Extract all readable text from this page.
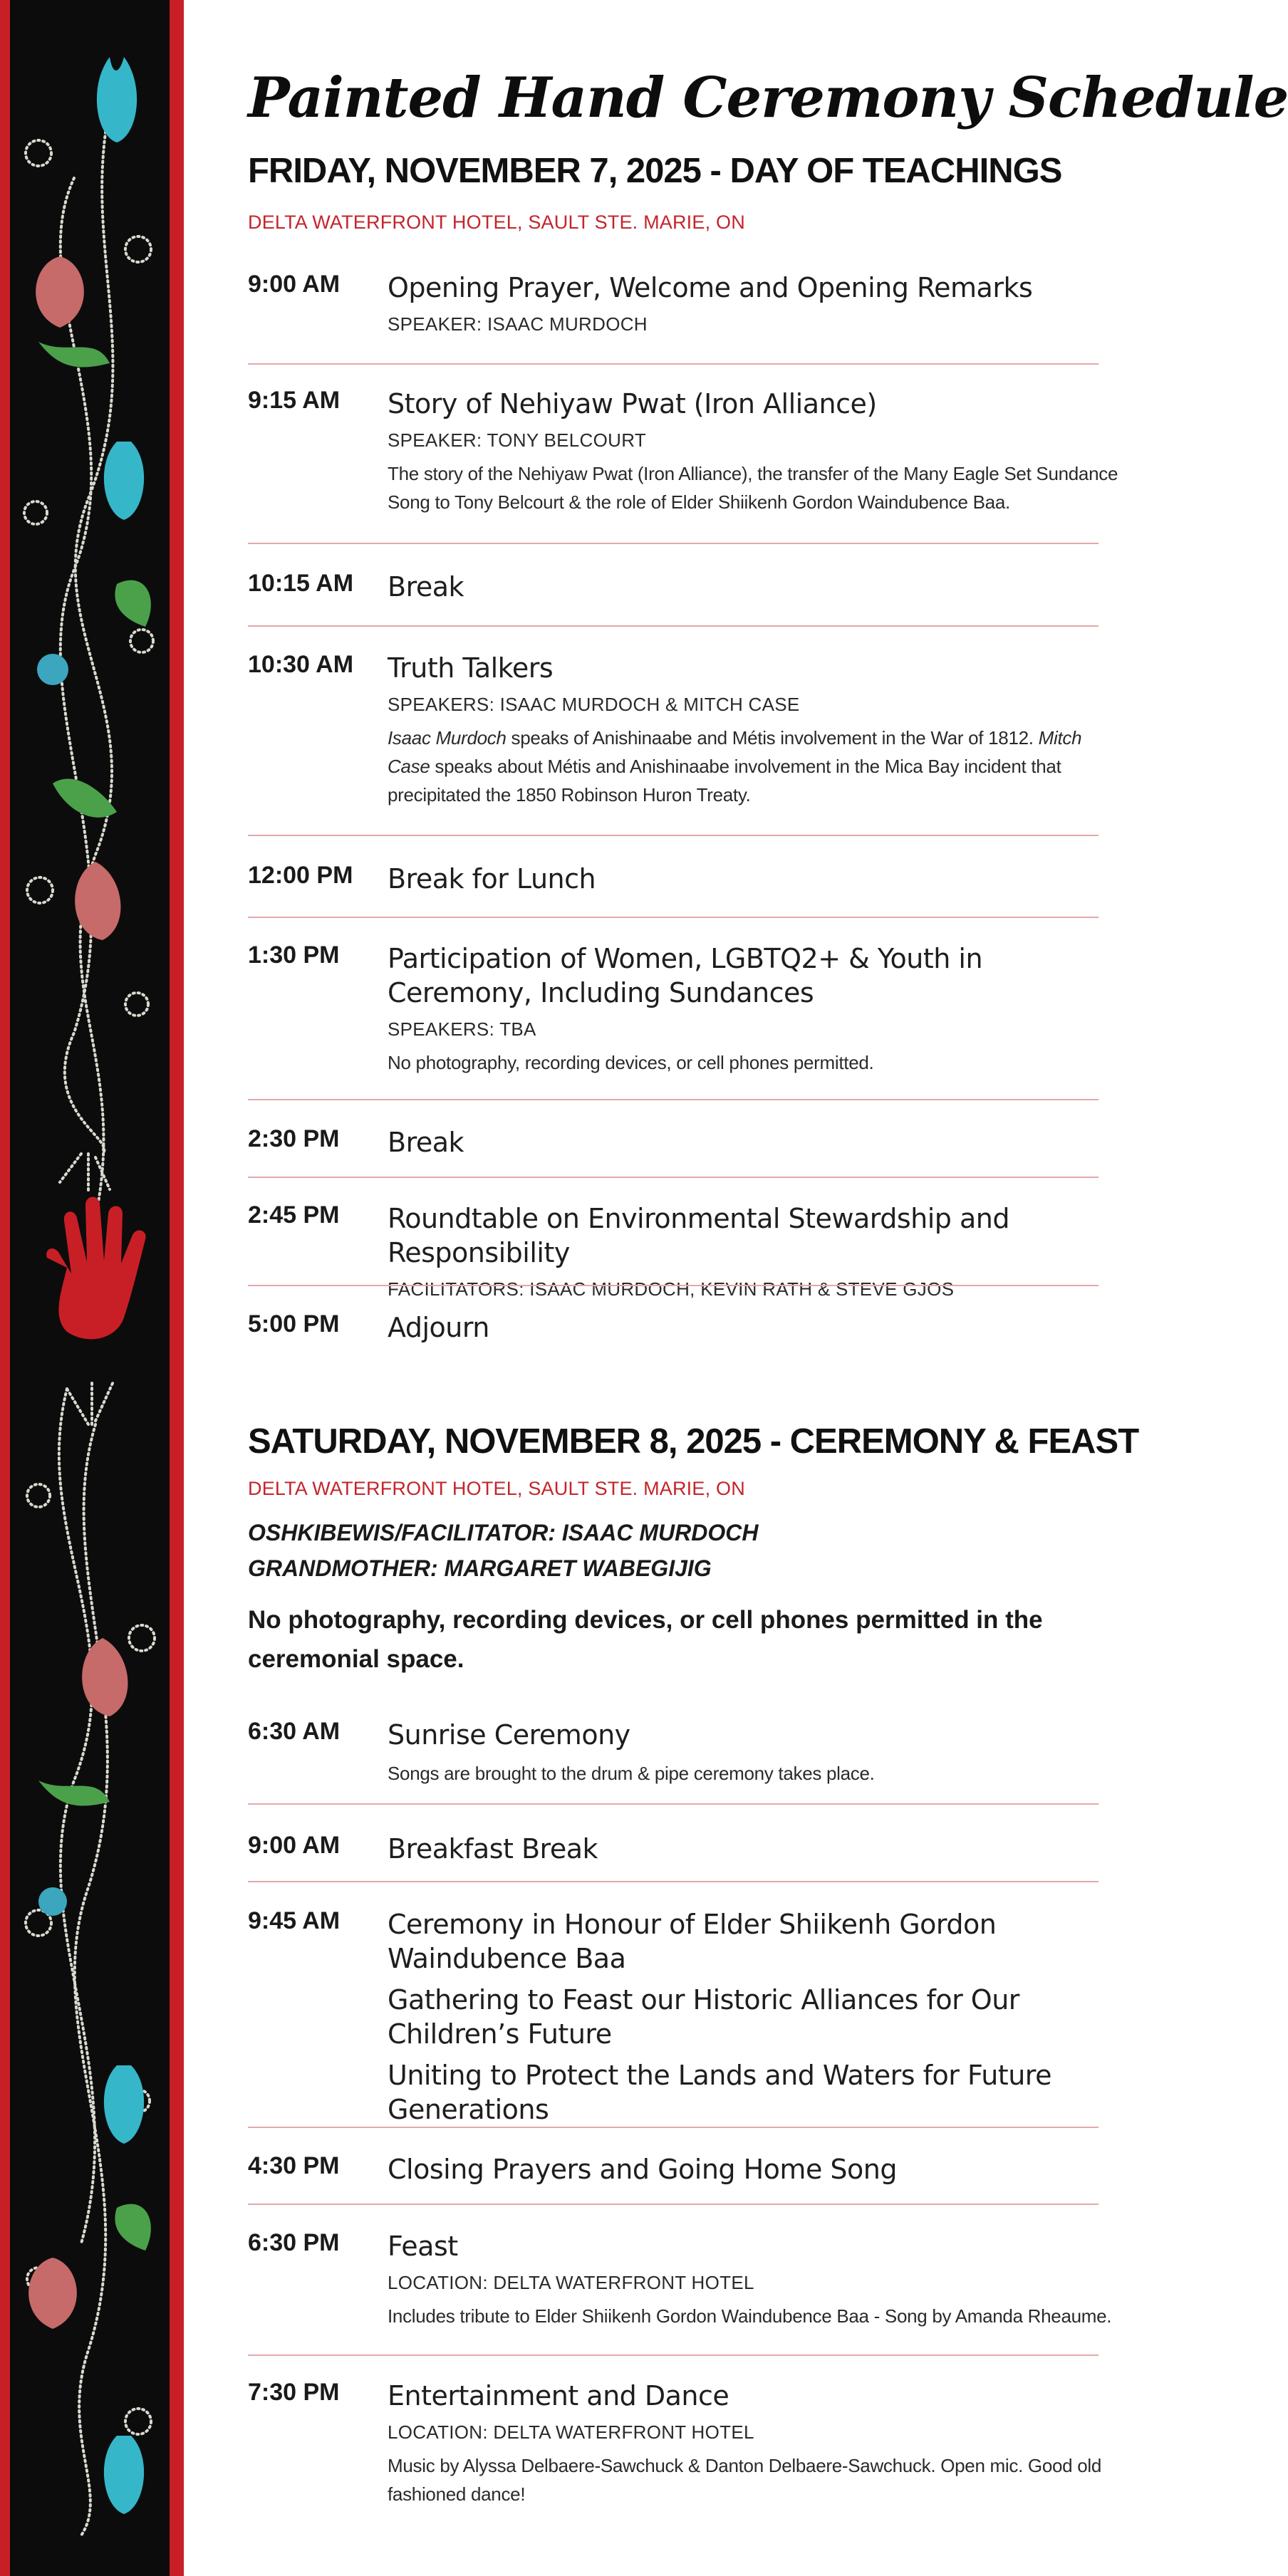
Painted Hand Ceremony Schedule
FRIDAY, NOVEMBER 7, 2025 - DAY OF TEACHINGS
DELTA WATERFRONT HOTEL, SAULT STE. MARIE, ON
9:00 AM Opening Prayer, Welcome and Opening Remarks
SPEAKER: ISAAC MURDOCH
9:15 AM Story of Nehiyaw Pwat (Iron Alliance)
SPEAKER: TONY BELCOURT
The story of the Nehiyaw Pwat (Iron Alliance), the transfer of the Many Eagle Set Sundance Song to Tony Belcourt & the role of Elder Shiikenh Gordon Waindubence Baa.
10:15 AM Break
10:30 AM Truth Talkers
SPEAKERS: ISAAC MURDOCH & MITCH CASE
Isaac Murdoch speaks of Anishinaabe and Métis involvement in the War of 1812. Mitch Case speaks about Métis and Anishinaabe involvement in the Mica Bay incident that precipitated the 1850 Robinson Huron Treaty.
12:00 PM Break for Lunch
1:30 PM Participation of Women, LGBTQ2+ & Youth in Ceremony, Including Sundances
SPEAKERS: TBA
No photography, recording devices, or cell phones permitted.
2:30 PM Break
2:45 PM Roundtable on Environmental Stewardship and Responsibility
FACILITATORS: ISAAC MURDOCH, KEVIN RATH & STEVE GJOS
5:00 PM Adjourn
SATURDAY, NOVEMBER 8, 2025 - CEREMONY & FEAST
DELTA WATERFRONT HOTEL, SAULT STE. MARIE, ON
OSHKIBEWIS/FACILITATOR: ISAAC MURDOCH
GRANDMOTHER: MARGARET WABEGIJIG

No photography, recording devices, or cell phones permitted in the ceremonial space.

6:30 AM Sunrise Ceremony
Songs are brought to the drum & pipe ceremony takes place.
9:00 AM Breakfast Break
9:45 AM Ceremony in Honour of Elder Shiikenh Gordon Waindubence Baa
Gathering to Feast our Historic Alliances for Our Children’s Future
Uniting to Protect the Lands and Waters for Future Generations
4:30 PM Closing Prayers and Going Home Song
6:30 PM Feast
LOCATION: DELTA WATERFRONT HOTEL
Includes tribute to Elder Shiikenh Gordon Waindubence Baa - Song by Amanda Rheaume.
7:30 PM Entertainment and Dance
LOCATION: DELTA WATERFRONT HOTEL
Music by Alyssa Delbaere-Sawchuck & Danton Delbaere-Sawchuck. Open mic. Good old fashioned dance!
